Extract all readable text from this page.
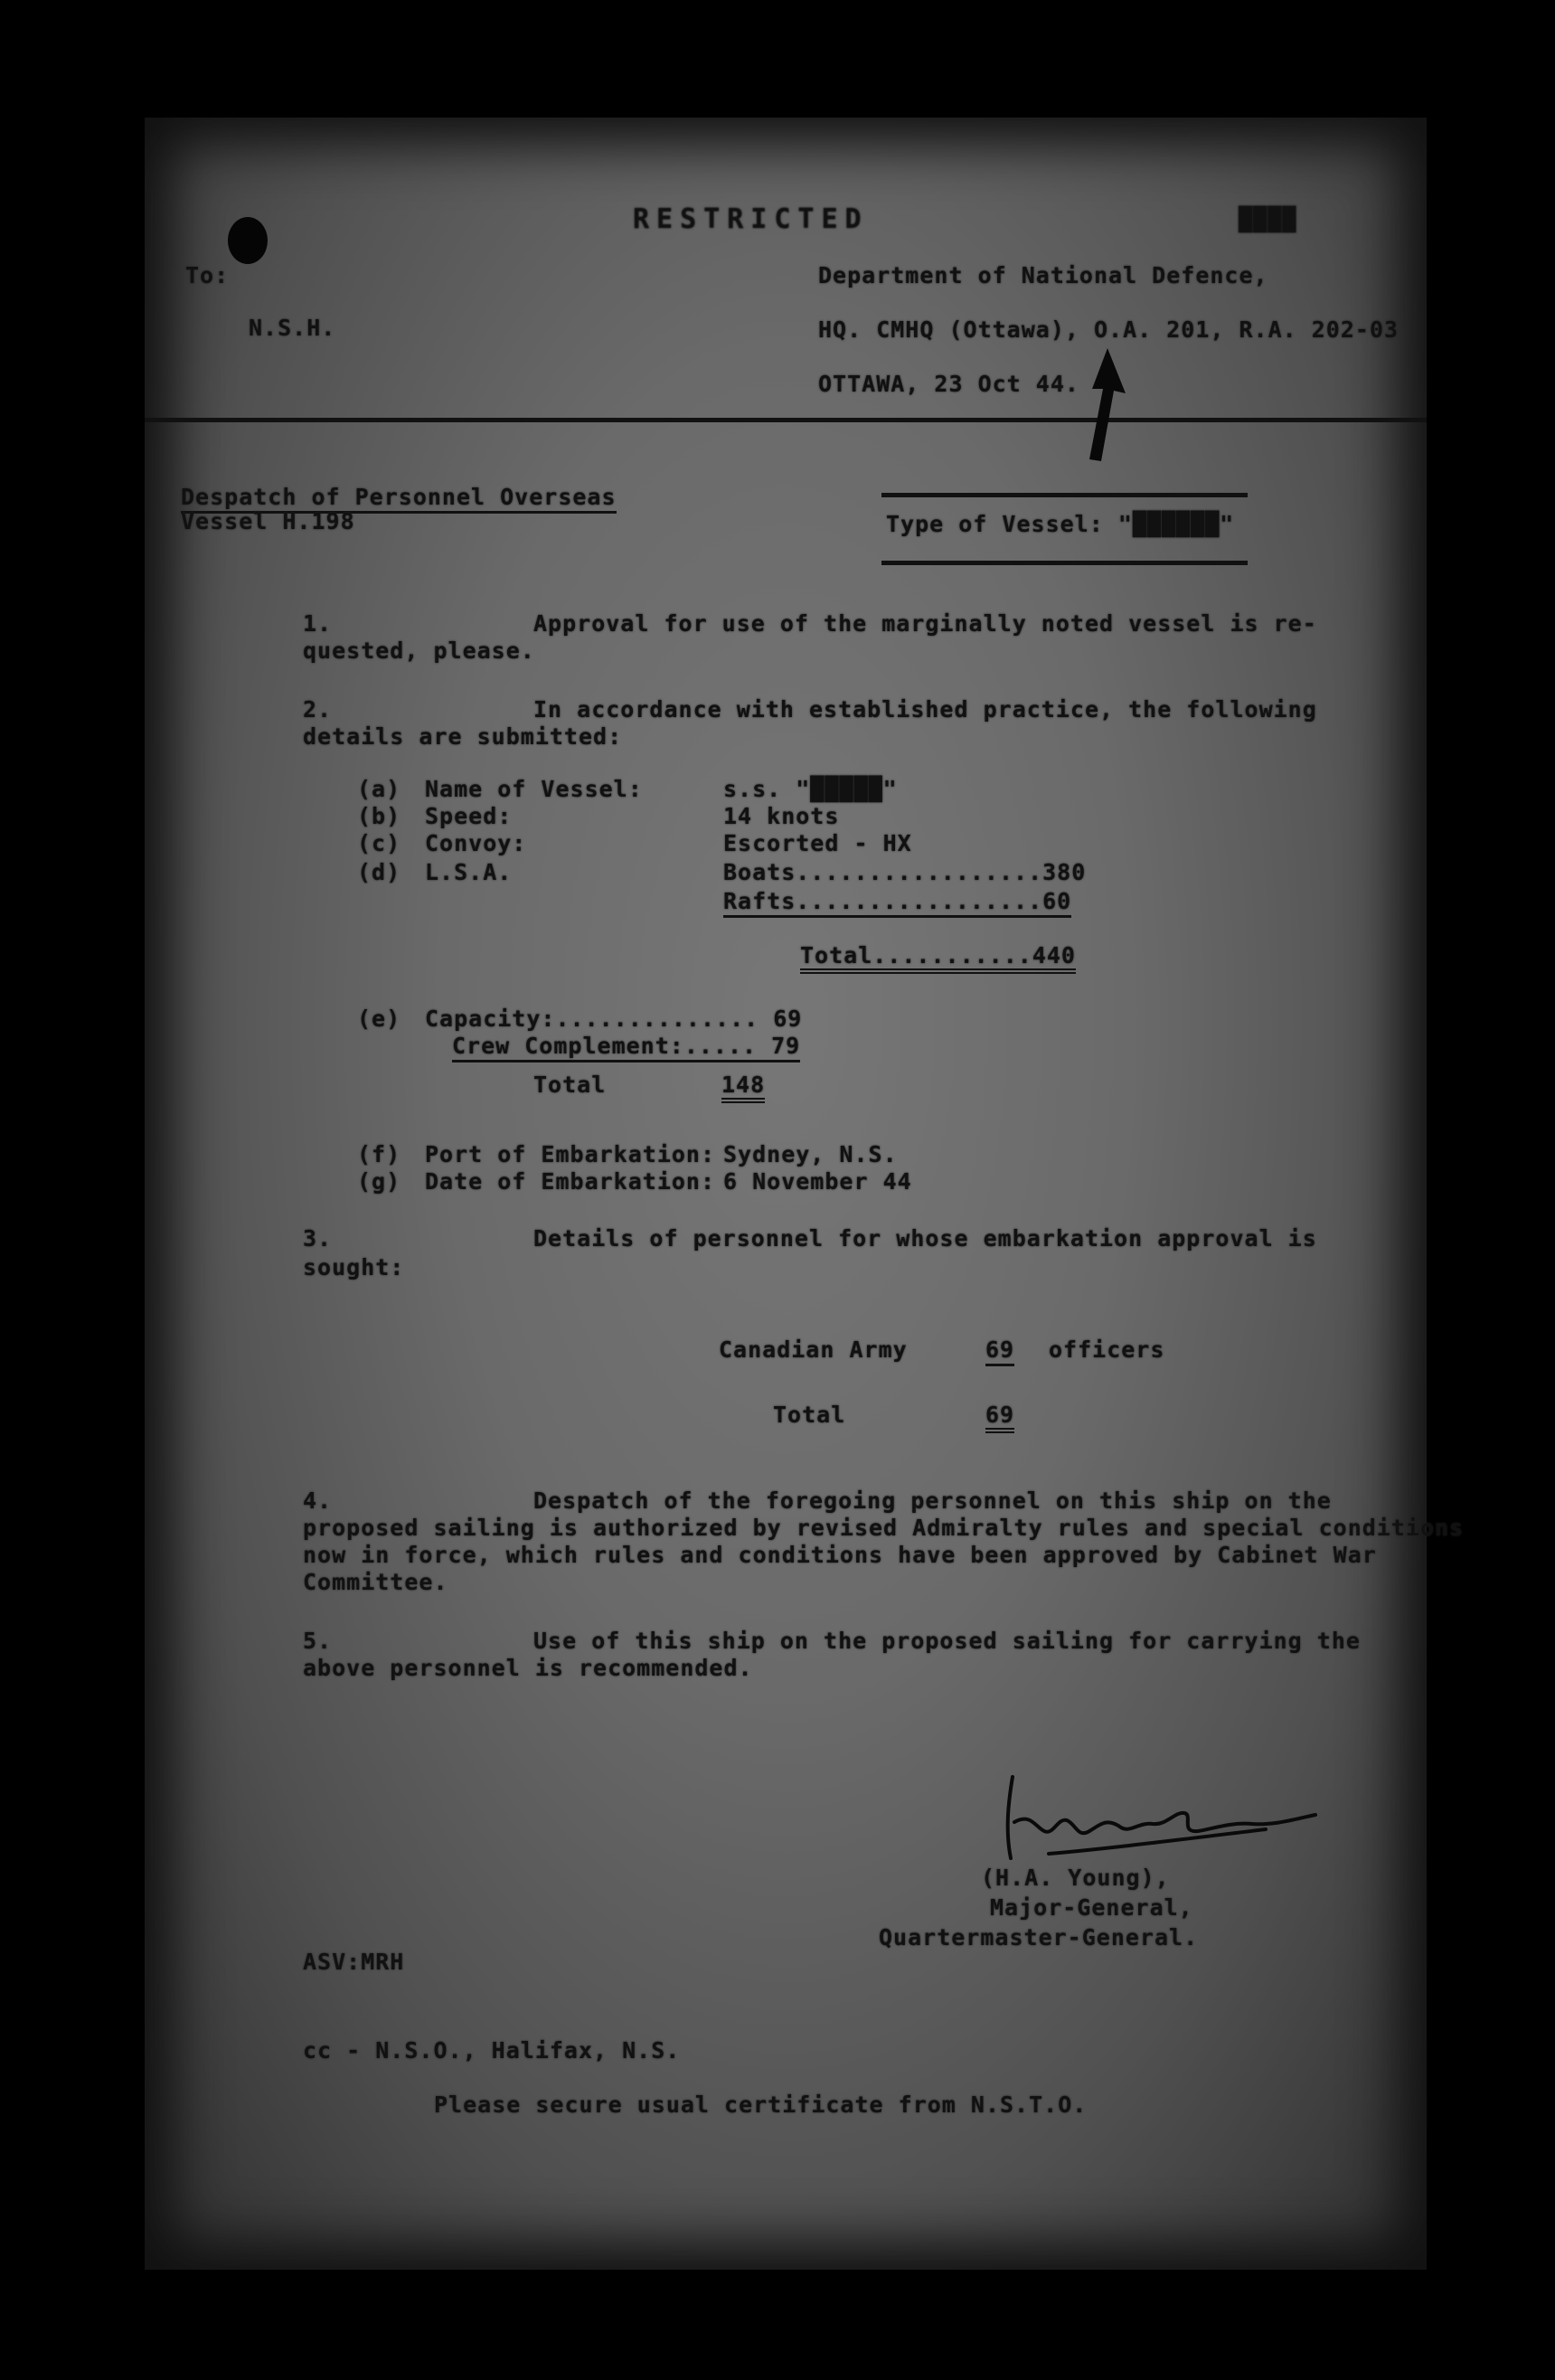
RESTRICTED	████
To:
N.S.H.
Department of National Defence,
HQ. CMHQ (Ottawa), O.A. 201, R.A. 202-03
OTTAWA, 23 Oct 44.
Despatch of Personnel Overseas
Vessel H.198	Type of Vessel: "██████"
1.	Approval for use of the marginally noted vessel is re-
quested, please.
2.	In accordance with established practice, the following
details are submitted:
(a) Name of Vessel:	s.s. "█████"
(b) Speed:	14 knots
(c) Convoy:	Escorted - HX
(d) L.S.A.	Boats.................380
Rafts.................60
Total...........440
(e) Capacity:.............. 69
Crew Complement:..... 79
Total	148
(f) Port of Embarkation: Sydney, N.S.
(g) Date of Embarkation: 6 November 44
3.	Details of personnel for whose embarkation approval is
sought:
Canadian Army	69 officers
Total	69
4.	Despatch of the foregoing personnel on this ship on the
proposed sailing is authorized by revised Admiralty rules and special conditions
now in force, which rules and conditions have been approved by Cabinet War
Committee.
5.	Use of this ship on the proposed sailing for carrying the
above personnel is recommended.
(H.A. Young),
Major-General,
Quartermaster-General.
ASV:MRH
cc - N.S.O., Halifax, N.S.
Please secure usual certificate from N.S.T.O.
